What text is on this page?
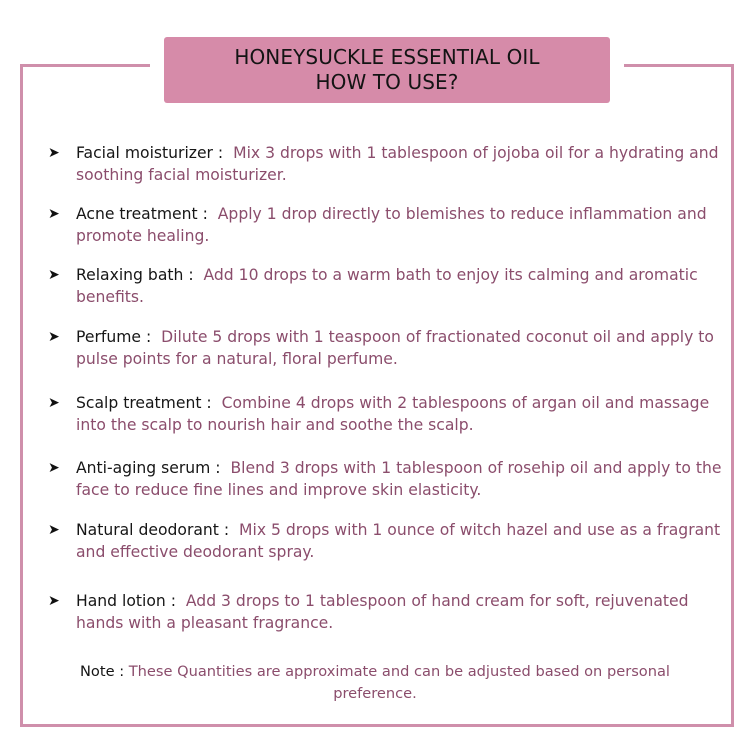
HONEYSUCKLE ESSENTIAL OIL
HOW TO USE?
➤ Facial moisturizer : Mix 3 drops with 1 tablespoon of jojoba oil for a hydrating and soothing facial moisturizer.
➤ Acne treatment : Apply 1 drop directly to blemishes to reduce inflammation and promote healing.
➤ Relaxing bath : Add 10 drops to a warm bath to enjoy its calming and aromatic benefits.
➤ Perfume : Dilute 5 drops with 1 teaspoon of fractionated coconut oil and apply to pulse points for a natural, floral perfume.
➤ Scalp treatment : Combine 4 drops with 2 tablespoons of argan oil and massage into the scalp to nourish hair and soothe the scalp.
➤ Anti-aging serum : Blend 3 drops with 1 tablespoon of rosehip oil and apply to the face to reduce fine lines and improve skin elasticity.
➤ Natural deodorant : Mix 5 drops with 1 ounce of witch hazel and use as a fragrant and effective deodorant spray.
➤ Hand lotion : Add 3 drops to 1 tablespoon of hand cream for soft, rejuvenated hands with a pleasant fragrance.
Note : These Quantities are approximate and can be adjusted based on personal preference.
